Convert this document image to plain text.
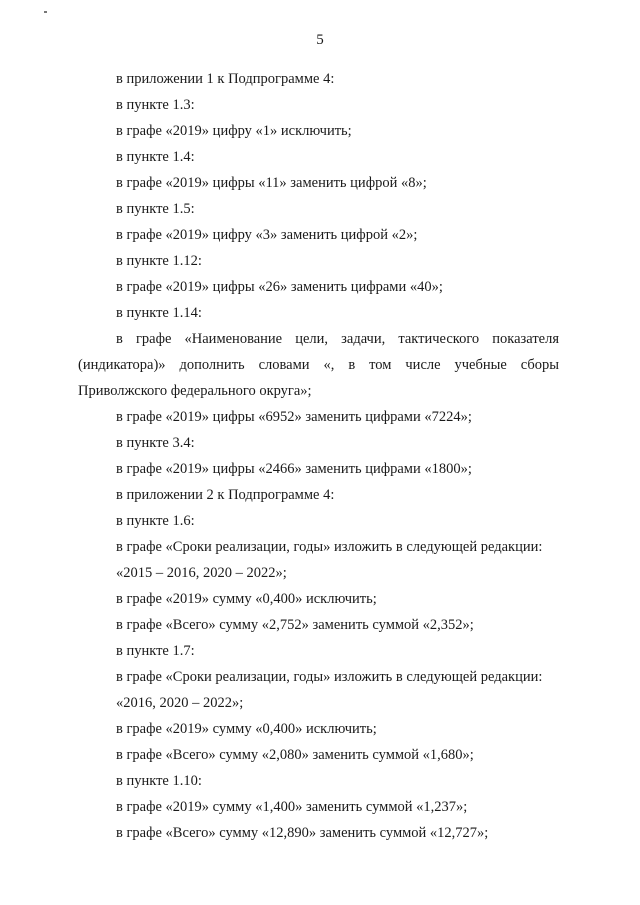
5
в приложении 1 к Подпрограмме 4:
в пункте 1.3:
в графе «2019» цифру «1» исключить;
в пункте 1.4:
в графе «2019» цифры «11» заменить цифрой «8»;
в пункте 1.5:
в графе «2019» цифру «3» заменить цифрой «2»;
в пункте 1.12:
в графе «2019» цифры «26» заменить цифрами «40»;
в пункте 1.14:
в графе «Наименование цели, задачи, тактического показателя (индикатора)» дополнить словами «, в том числе учебные сборы Приволжского федерального округа»;
в графе «2019» цифры «6952» заменить цифрами «7224»;
в пункте 3.4:
в графе «2019» цифры «2466» заменить цифрами «1800»;
в приложении 2 к Подпрограмме 4:
в пункте 1.6:
в графе «Сроки реализации, годы» изложить в следующей редакции:
«2015 – 2016, 2020 – 2022»;
в графе «2019» сумму «0,400» исключить;
в графе «Всего» сумму «2,752» заменить суммой «2,352»;
в пункте 1.7:
в графе «Сроки реализации, годы» изложить в следующей редакции:
«2016, 2020 – 2022»;
в графе «2019» сумму «0,400» исключить;
в графе «Всего» сумму «2,080» заменить суммой «1,680»;
в пункте 1.10:
в графе «2019» сумму «1,400» заменить суммой «1,237»;
в графе «Всего» сумму «12,890» заменить суммой «12,727»;
